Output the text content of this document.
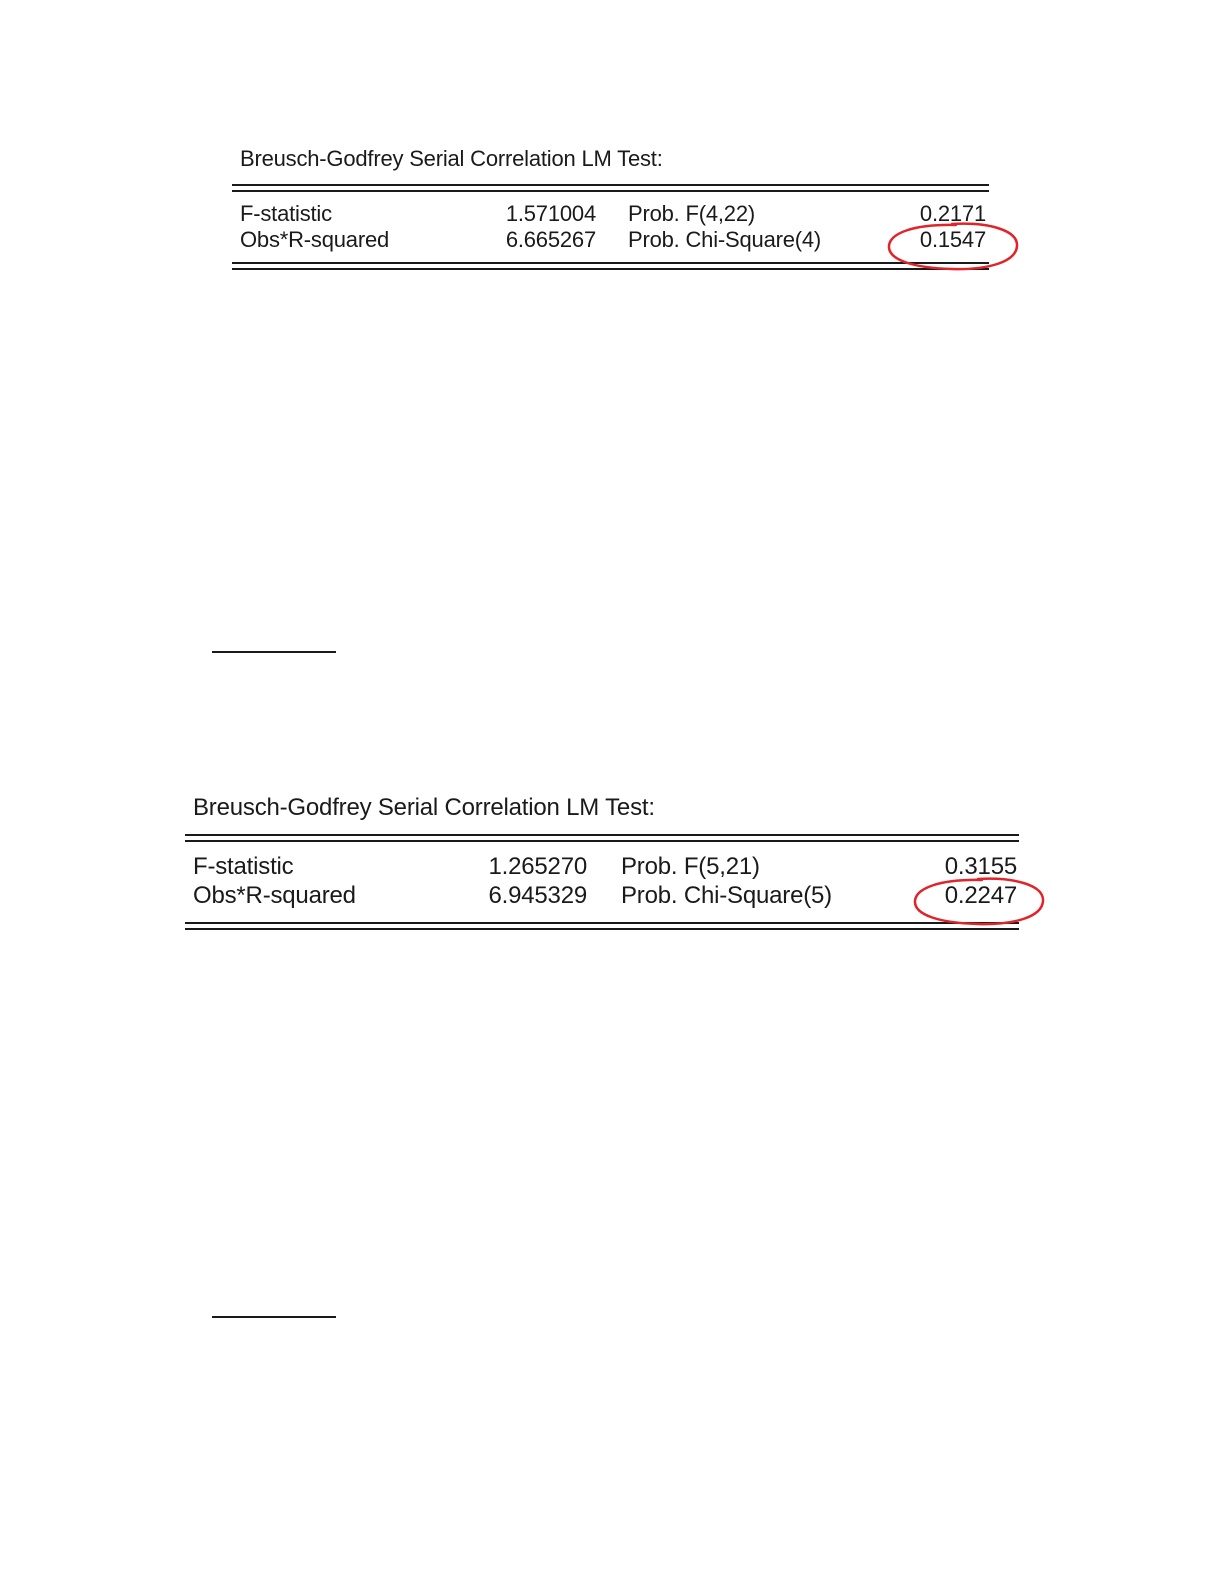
Breusch-Godfrey Serial Correlation LM Test:
F-statistic	1.571004 Prob. F(4,22)	0.2171
Obs*R-squared	6.665267 Prob. Chi-Square(4)	0.1547
Breusch-Godfrey Serial Correlation LM Test:
F-statistic	1.265270 Prob. F(5,21)	0.3155
Obs*R-squared	6.945329 Prob. Chi-Square(5)	0.2247
